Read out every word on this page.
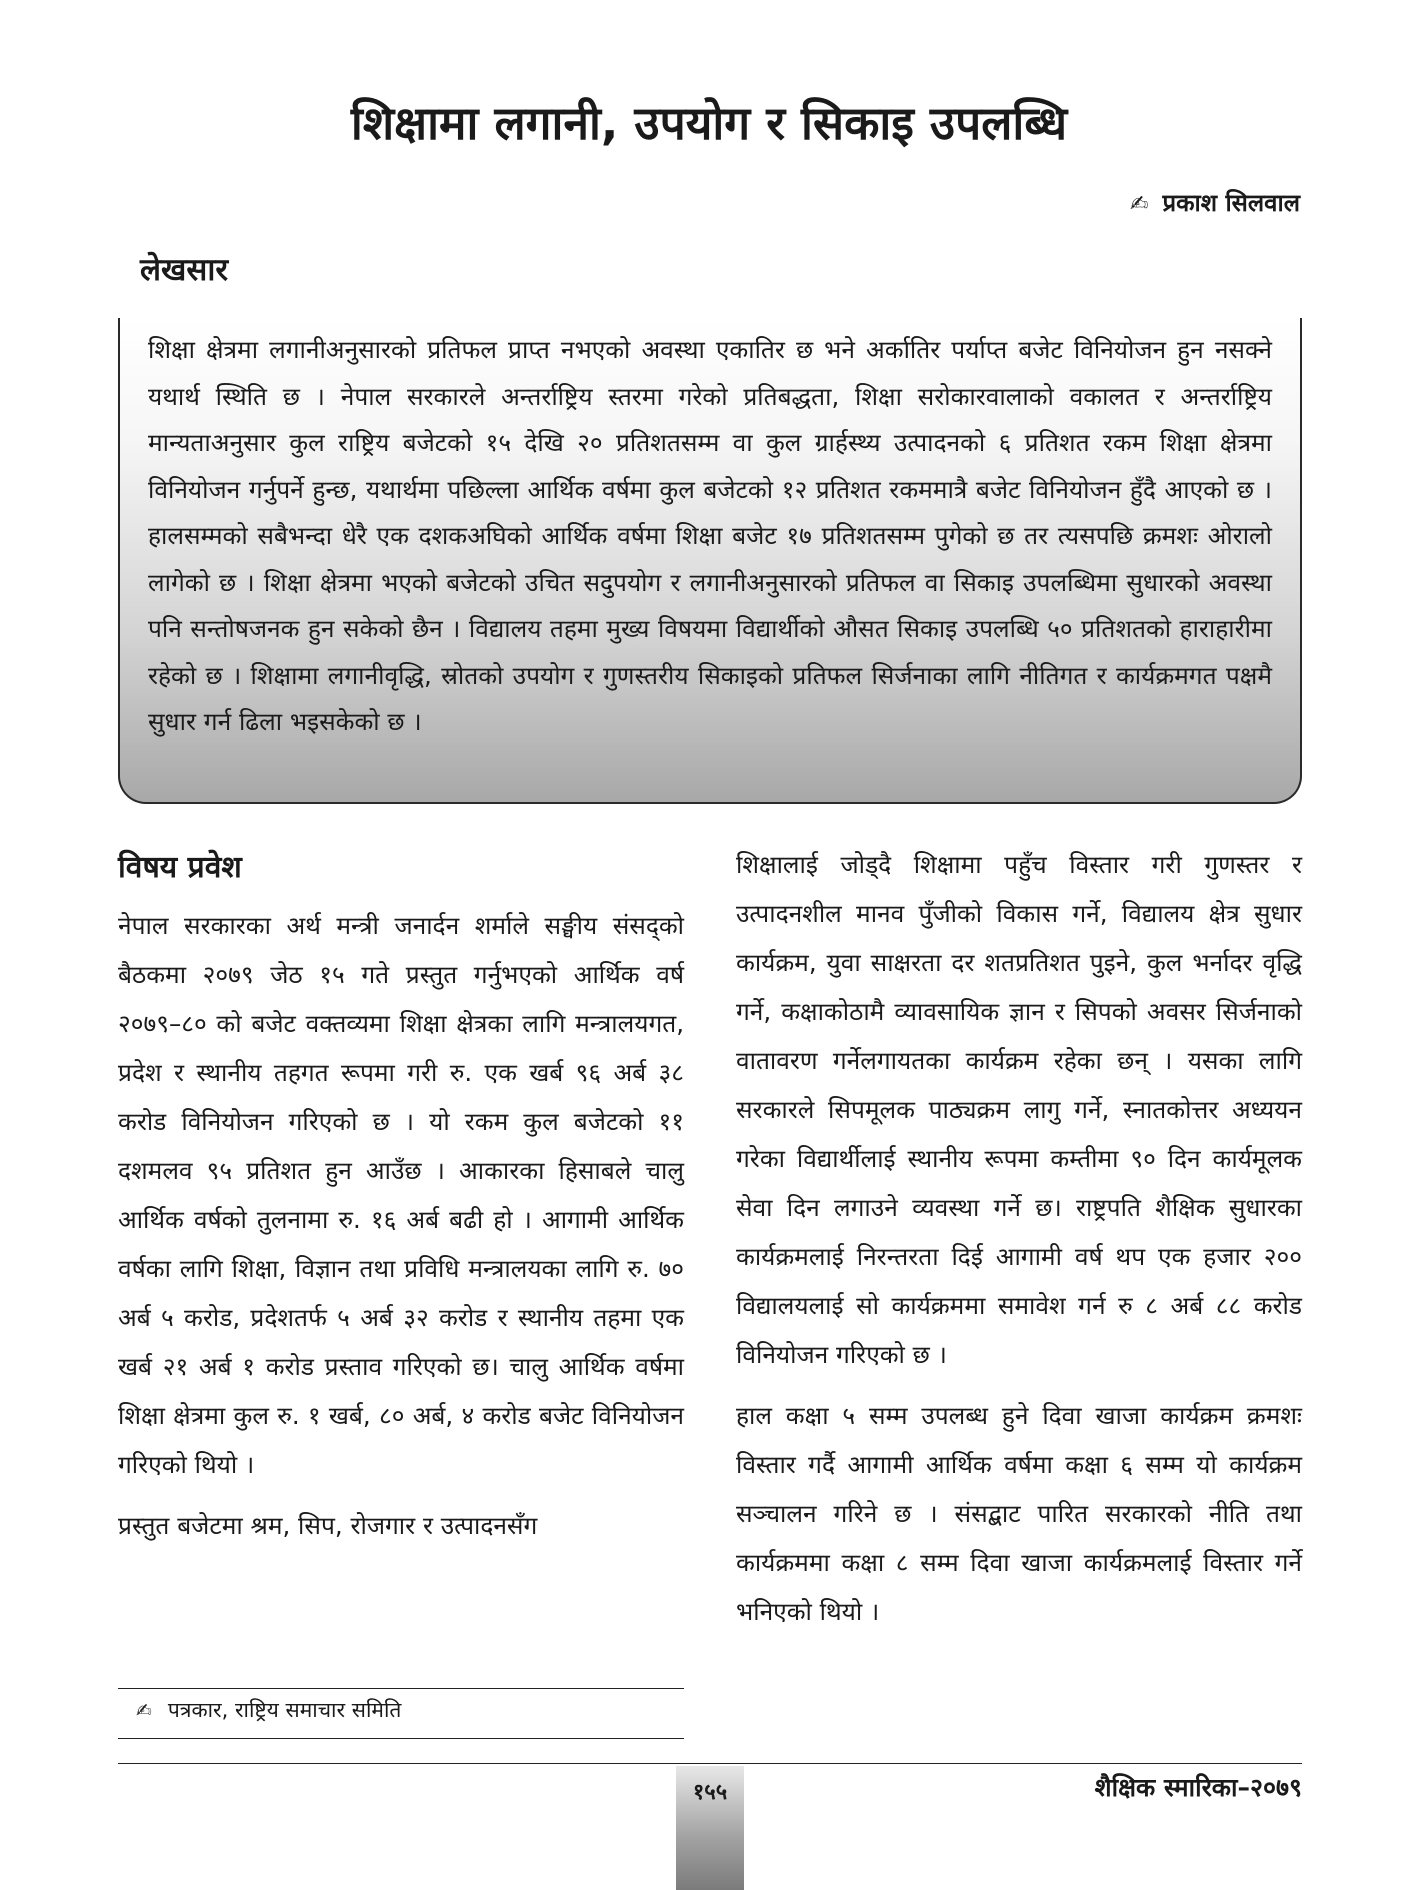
शिक्षामा लगानी, उपयोग र सिकाइ उपलब्धि
✍ प्रकाश सिलवाल
लेखसार

शिक्षा क्षेत्रमा लगानीअनुसारको प्रतिफल प्राप्त नभएको अवस्था एकातिर छ भने अर्कातिर पर्याप्त बजेट विनियोजन हुन नसक्ने यथार्थ स्थिति छ । नेपाल सरकारले अन्तर्राष्ट्रिय स्तरमा गरेको प्रतिबद्धता, शिक्षा सरोकारवालाको वकालत र अन्तर्राष्ट्रिय मान्यताअनुसार कुल राष्ट्रिय बजेटको १५ देखि २० प्रतिशतसम्म वा कुल ग्रार्हस्थ्य उत्पादनको ६ प्रतिशत रकम शिक्षा क्षेत्रमा विनियोजन गर्नुपर्ने हुन्छ, यथार्थमा पछिल्ला आर्थिक वर्षमा कुल बजेटको १२ प्रतिशत रकममात्रै बजेट विनियोजन हुँदै आएको छ । हालसम्मको सबैभन्दा धेरै एक दशकअघिको आर्थिक वर्षमा शिक्षा बजेट १७ प्रतिशतसम्म पुगेको छ तर त्यसपछि क्रमशः ओरालो लागेको छ । शिक्षा क्षेत्रमा भएको बजेटको उचित सदुपयोग र लगानीअनुसारको प्रतिफल वा सिकाइ उपलब्धिमा सुधारको अवस्था पनि सन्तोषजनक हुन सकेको छैन । विद्यालय तहमा मुख्य विषयमा विद्यार्थीको औसत सिकाइ उपलब्धि ५० प्रतिशतको हाराहारीमा रहेको छ । शिक्षामा लगानीवृद्धि, स्रोतको उपयोग र गुणस्तरीय सिकाइको प्रतिफल सिर्जनाका लागि नीतिगत र कार्यक्रमगत पक्षमै सुधार गर्न ढिला भइसकेको छ ।

विषय प्रवेश

नेपाल सरकारका अर्थ मन्त्री जनार्दन शर्माले सङ्घीय संसद्को बैठकमा २०७९ जेठ १५ गते प्रस्तुत गर्नुभएको आर्थिक वर्ष २०७९–८० को बजेट वक्तव्यमा शिक्षा क्षेत्रका लागि मन्त्रालयगत, प्रदेश र स्थानीय तहगत रूपमा गरी रु. एक खर्ब ९६ अर्ब ३८ करोड विनियोजन गरिएको छ । यो रकम कुल बजेटको ११ दशमलव ९५ प्रतिशत हुन आउँछ । आकारका हिसाबले चालु आर्थिक वर्षको तुलनामा रु. १६ अर्ब बढी हो । आगामी आर्थिक वर्षका लागि शिक्षा, विज्ञान तथा प्रविधि मन्त्रालयका लागि रु. ७० अर्ब ५ करोड, प्रदेशतर्फ ५ अर्ब ३२ करोड र स्थानीय तहमा एक खर्ब २१ अर्ब १ करोड प्रस्ताव गरिएको छ। चालु आर्थिक वर्षमा शिक्षा क्षेत्रमा कुल रु. १ खर्ब, ८० अर्ब, ४ करोड बजेट विनियोजन गरिएको थियो ।

प्रस्तुत बजेटमा श्रम, सिप, रोजगार र उत्पादनसँग

✍ पत्रकार, राष्ट्रिय समाचार समिति

शिक्षालाई जोड्दै शिक्षामा पहुँच विस्तार गरी गुणस्तर र उत्पादनशील मानव पुँजीको विकास गर्ने, विद्यालय क्षेत्र सुधार कार्यक्रम, युवा साक्षरता दर शतप्रतिशत पुइने, कुल भर्नादर वृद्धि गर्ने, कक्षाकोठामै व्यावसायिक ज्ञान र सिपको अवसर सिर्जनाको वातावरण गर्नेलगायतका कार्यक्रम रहेका छन् । यसका लागि सरकारले सिपमूलक पाठ्यक्रम लागु गर्ने, स्नातकोत्तर अध्ययन गरेका विद्यार्थीलाई स्थानीय रूपमा कम्तीमा ९० दिन कार्यमूलक सेवा दिन लगाउने व्यवस्था गर्ने छ। राष्ट्रपति शैक्षिक सुधारका कार्यक्रमलाई निरन्तरता दिई आगामी वर्ष थप एक हजार २०० विद्यालयलाई सो कार्यक्रममा समावेश गर्न रु ८ अर्ब ८८ करोड विनियोजन गरिएको छ ।

हाल कक्षा ५ सम्म उपलब्ध हुने दिवा खाजा कार्यक्रम क्रमशः विस्तार गर्दै आगामी आर्थिक वर्षमा कक्षा ६ सम्म यो कार्यक्रम सञ्चालन गरिने छ । संसद्बाट पारित सरकारको नीति तथा कार्यक्रममा कक्षा ८ सम्म दिवा खाजा कार्यक्रमलाई विस्तार गर्ने भनिएको थियो ।

१५५	शैक्षिक स्मारिका–२०७९
